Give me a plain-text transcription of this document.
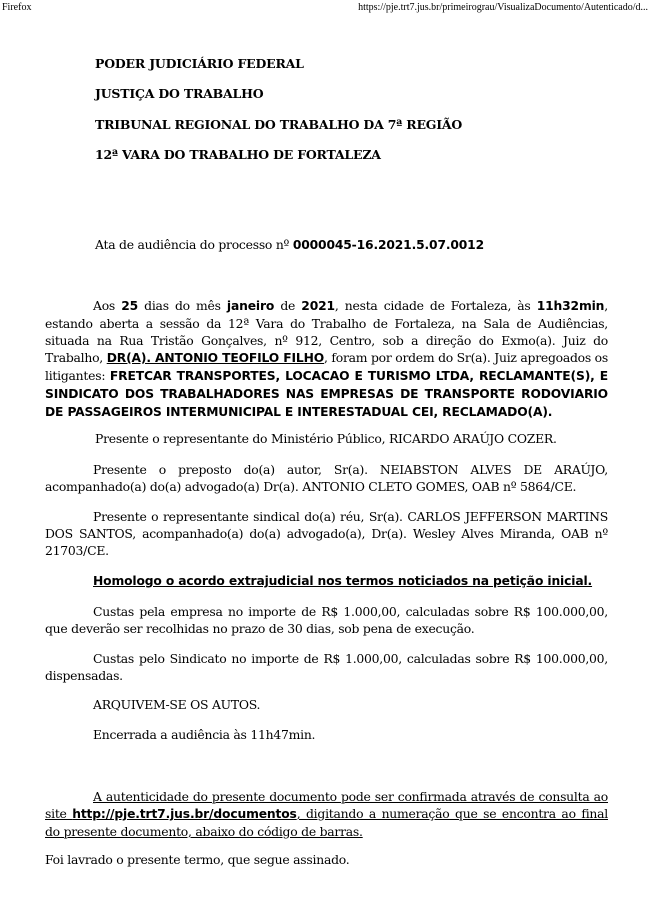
Firefox	https://pje.trt7.jus.br/primeirograu/VisualizaDocumento/Autenticado/d...
PODER JUDICIÁRIO FEDERAL
JUSTIÇA DO TRABALHO
TRIBUNAL REGIONAL DO TRABALHO DA 7ª REGIÃO
12ª VARA DO TRABALHO DE FORTALEZA
Ata de audiência do processo nº 0000045-16.2021.5.07.0012
Aos 25 dias do mês janeiro de 2021, nesta cidade de Fortaleza, às 11h32min, estando aberta a sessão da 12ª Vara do Trabalho de Fortaleza, na Sala de Audiências, situada na Rua Tristão Gonçalves, nº 912, Centro, sob a direção do Exmo(a). Juiz do Trabalho, DR(A). ANTONIO TEOFILO FILHO, foram por ordem do Sr(a). Juiz apregoados os litigantes: FRETCAR TRANSPORTES, LOCACAO E TURISMO LTDA, RECLAMANTE(S), E SINDICATO DOS TRABALHADORES NAS EMPRESAS DE TRANSPORTE RODOVIARIO DE PASSAGEIROS INTERMUNICIPAL E INTERESTADUAL CEI, RECLAMADO(A).
Presente o representante do Ministério Público, RICARDO ARAÚJO COZER.
Presente o preposto do(a) autor, Sr(a). NEIABSTON ALVES DE ARAÚJO, acompanhado(a) do(a) advogado(a) Dr(a). ANTONIO CLETO GOMES, OAB nº 5864/CE.
Presente o representante sindical do(a) réu, Sr(a). CARLOS JEFFERSON MARTINS DOS SANTOS, acompanhado(a) do(a) advogado(a), Dr(a). Wesley Alves Miranda, OAB nº 21703/CE.
Homologo o acordo extrajudicial nos termos noticiados na petição inicial.
Custas pela empresa no importe de R$ 1.000,00, calculadas sobre R$ 100.000,00, que deverão ser recolhidas no prazo de 30 dias, sob pena de execução.
Custas pelo Sindicato no importe de R$ 1.000,00, calculadas sobre R$ 100.000,00, dispensadas.
ARQUIVEM-SE OS AUTOS.
Encerrada a audiência às 11h47min.
A autenticidade do presente documento pode ser confirmada através de consulta ao site http://pje.trt7.jus.br/documentos, digitando a numeração que se encontra ao final do presente documento, abaixo do código de barras.
Foi lavrado o presente termo, que segue assinado.
